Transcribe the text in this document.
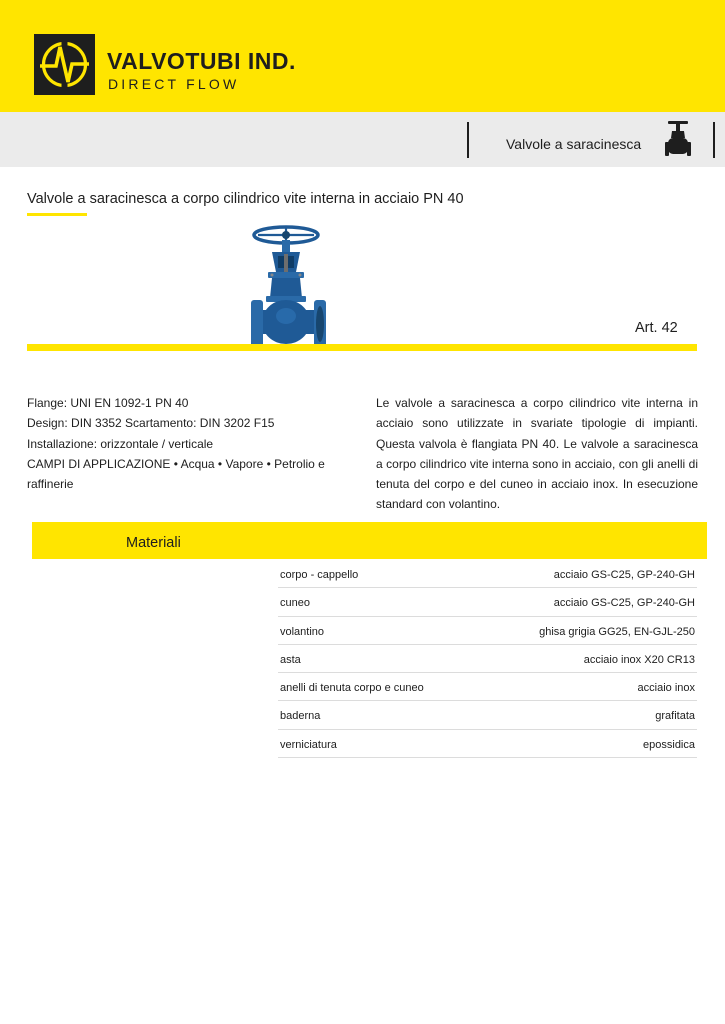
VALVOTUBI IND.
DIRECT FLOW
Valvole a saracinesca
Valvole a saracinesca a corpo cilindrico vite interna in acciaio PN 40
Art. 42
Flange: UNI EN 1092-1 PN 40
Design: DIN 3352 Scartamento: DIN 3202 F15
Installazione: orizzontale / verticale
CAMPI DI APPLICAZIONE • Acqua • Vapore • Petrolio e raffinerie
Le valvole a saracinesca a corpo cilindrico vite interna in acciaio sono utilizzate in svariate tipologie di impianti. Questa valvola è flangiata PN 40. Le valvole a saracinesca a corpo cilindrico vite interna sono in acciaio, con gli anelli di tenuta del corpo e del cuneo in acciaio inox. In esecuzione standard con volantino.
Materiali
corpo - cappello	acciaio GS-C25, GP-240-GH
cuneo	acciaio GS-C25, GP-240-GH
volantino	ghisa grigia GG25, EN-GJL-250
asta	acciaio inox X20 CR13
anelli di tenuta corpo e cuneo	acciaio inox
baderna	grafitata
verniciatura	epossidica
